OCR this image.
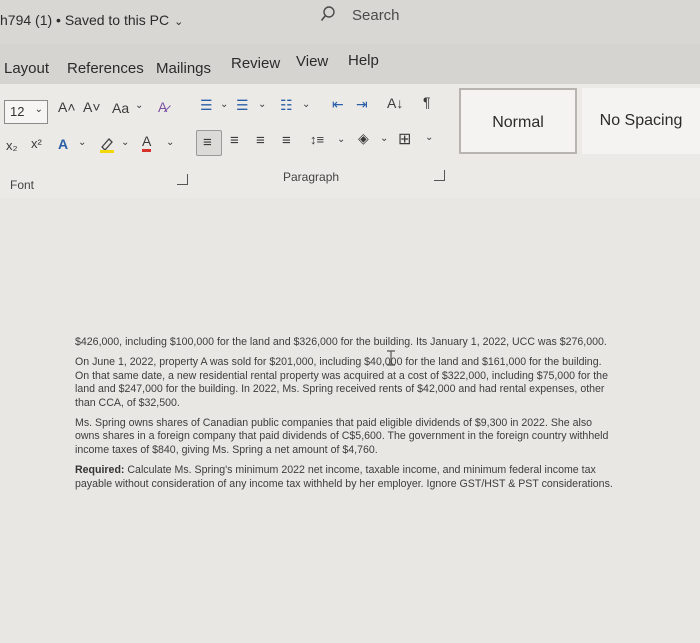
h794 (1) • Saved to this PC ⌄	Search
Layout References Mailings Review View Help
12 ⌄ A˄ A˅ Aa ⌄ A̷ ☰ ⌄ ☰ ⌄ ☷ ⌄ ⇤ ⇥ A↓ ¶
x₂ x² A ⌄	⌄ A ⌄ ≡ ≡ ≡ ≡ ↕≡ ⌄ ◈ ⌄ ⊞ ⌄
Font
Paragraph
Normal	No Spacing

$426,000, including $100,000 for the land and $326,000 for the building. Its January 1, 2022, UCC was $276,000.

On June 1, 2022, property A was sold for $201,000, including $40,000 for the land and $161,000 for the building. On that same date, a new residential rental property was acquired at a cost of $322,000, including $75,000 for the land and $247,000 for the building. In 2022, Ms. Spring received rents of $42,000 and had rental expenses, other than CCA, of $32,500.

Ms. Spring owns shares of Canadian public companies that paid eligible dividends of $9,300 in 2022. She also owns shares in a foreign company that paid dividends of C$5,600. The government in the foreign country withheld income taxes of $840, giving Ms. Spring a net amount of $4,760.

Required: Calculate Ms. Spring's minimum 2022 net income, taxable income, and minimum federal income tax payable without consideration of any income tax withheld by her employer. Ignore GST/HST & PST considerations.
